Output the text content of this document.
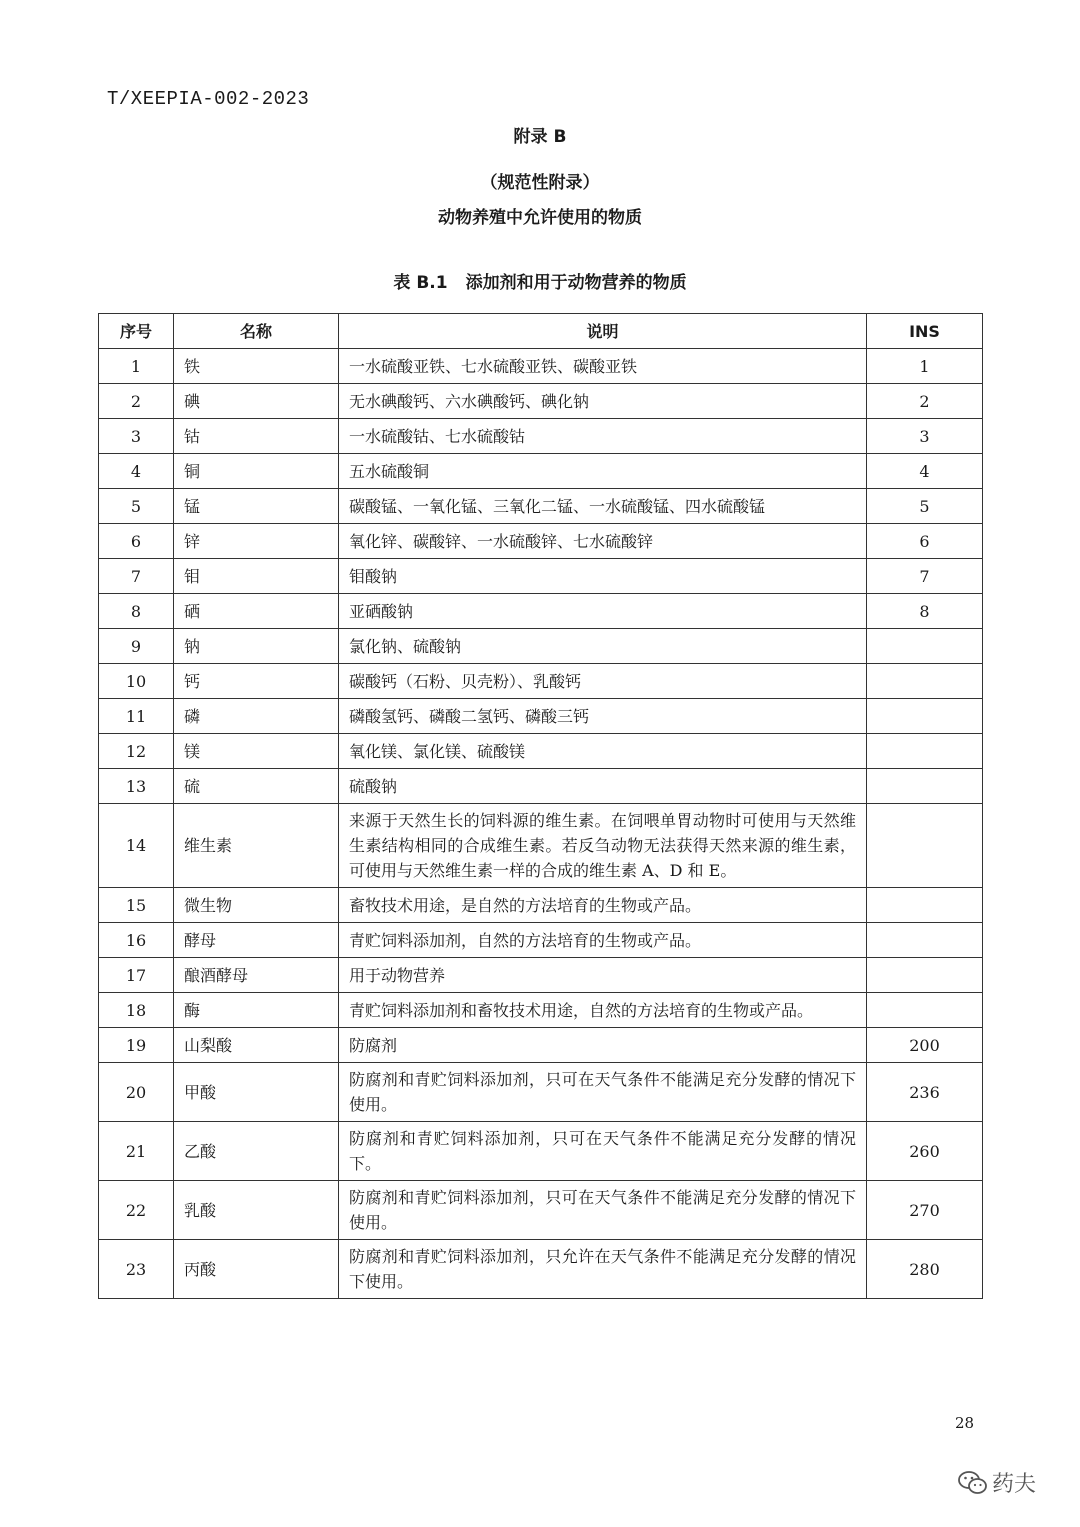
T/XEEPIA-002-2023
附录 B
（规范性附录）
动物养殖中允许使用的物质
表 B.1 添加剂和用于动物营养的物质
序号	名称	说明	INS
1	铁	一水硫酸亚铁、七水硫酸亚铁、碳酸亚铁	1
2	碘	无水碘酸钙、六水碘酸钙、碘化钠	2
3	钴	一水硫酸钴、七水硫酸钴	3
4	铜	五水硫酸铜	4
5	锰	碳酸锰、一氧化锰、三氧化二锰、一水硫酸锰、四水硫酸锰	5
6	锌	氧化锌、碳酸锌、一水硫酸锌、七水硫酸锌	6
7	钼	钼酸钠	7
8	硒	亚硒酸钠	8
9	钠	氯化钠、硫酸钠	
10	钙	碳酸钙（石粉、贝壳粉）、乳酸钙	
11	磷	磷酸氢钙、磷酸二氢钙、磷酸三钙	
12	镁	氧化镁、氯化镁、硫酸镁	
13	硫	硫酸钠	
14	维生素	来源于天然生长的饲料源的维生素。在饲喂单胃动物时可使用与天然维生素结构相同的合成维生素。若反刍动物无法获得天然来源的维生素，可使用与天然维生素一样的合成的维生素 A、D 和 E。	
15	微生物	畜牧技术用途，是自然的方法培育的生物或产品。	
16	酵母	青贮饲料添加剂，自然的方法培育的生物或产品。	
17	酿酒酵母	用于动物营养	
18	酶	青贮饲料添加剂和畜牧技术用途，自然的方法培育的生物或产品。	
19	山梨酸	防腐剂	200
20	甲酸	防腐剂和青贮饲料添加剂，只可在天气条件不能满足充分发酵的情况下使用。	236
21	乙酸	防腐剂和青贮饲料添加剂，只可在天气条件不能满足充分发酵的情况下。	260
22	乳酸	防腐剂和青贮饲料添加剂，只可在天气条件不能满足充分发酵的情况下使用。	270
23	丙酸	防腐剂和青贮饲料添加剂，只允许在天气条件不能满足充分发酵的情况下使用。	280
28
药夫
